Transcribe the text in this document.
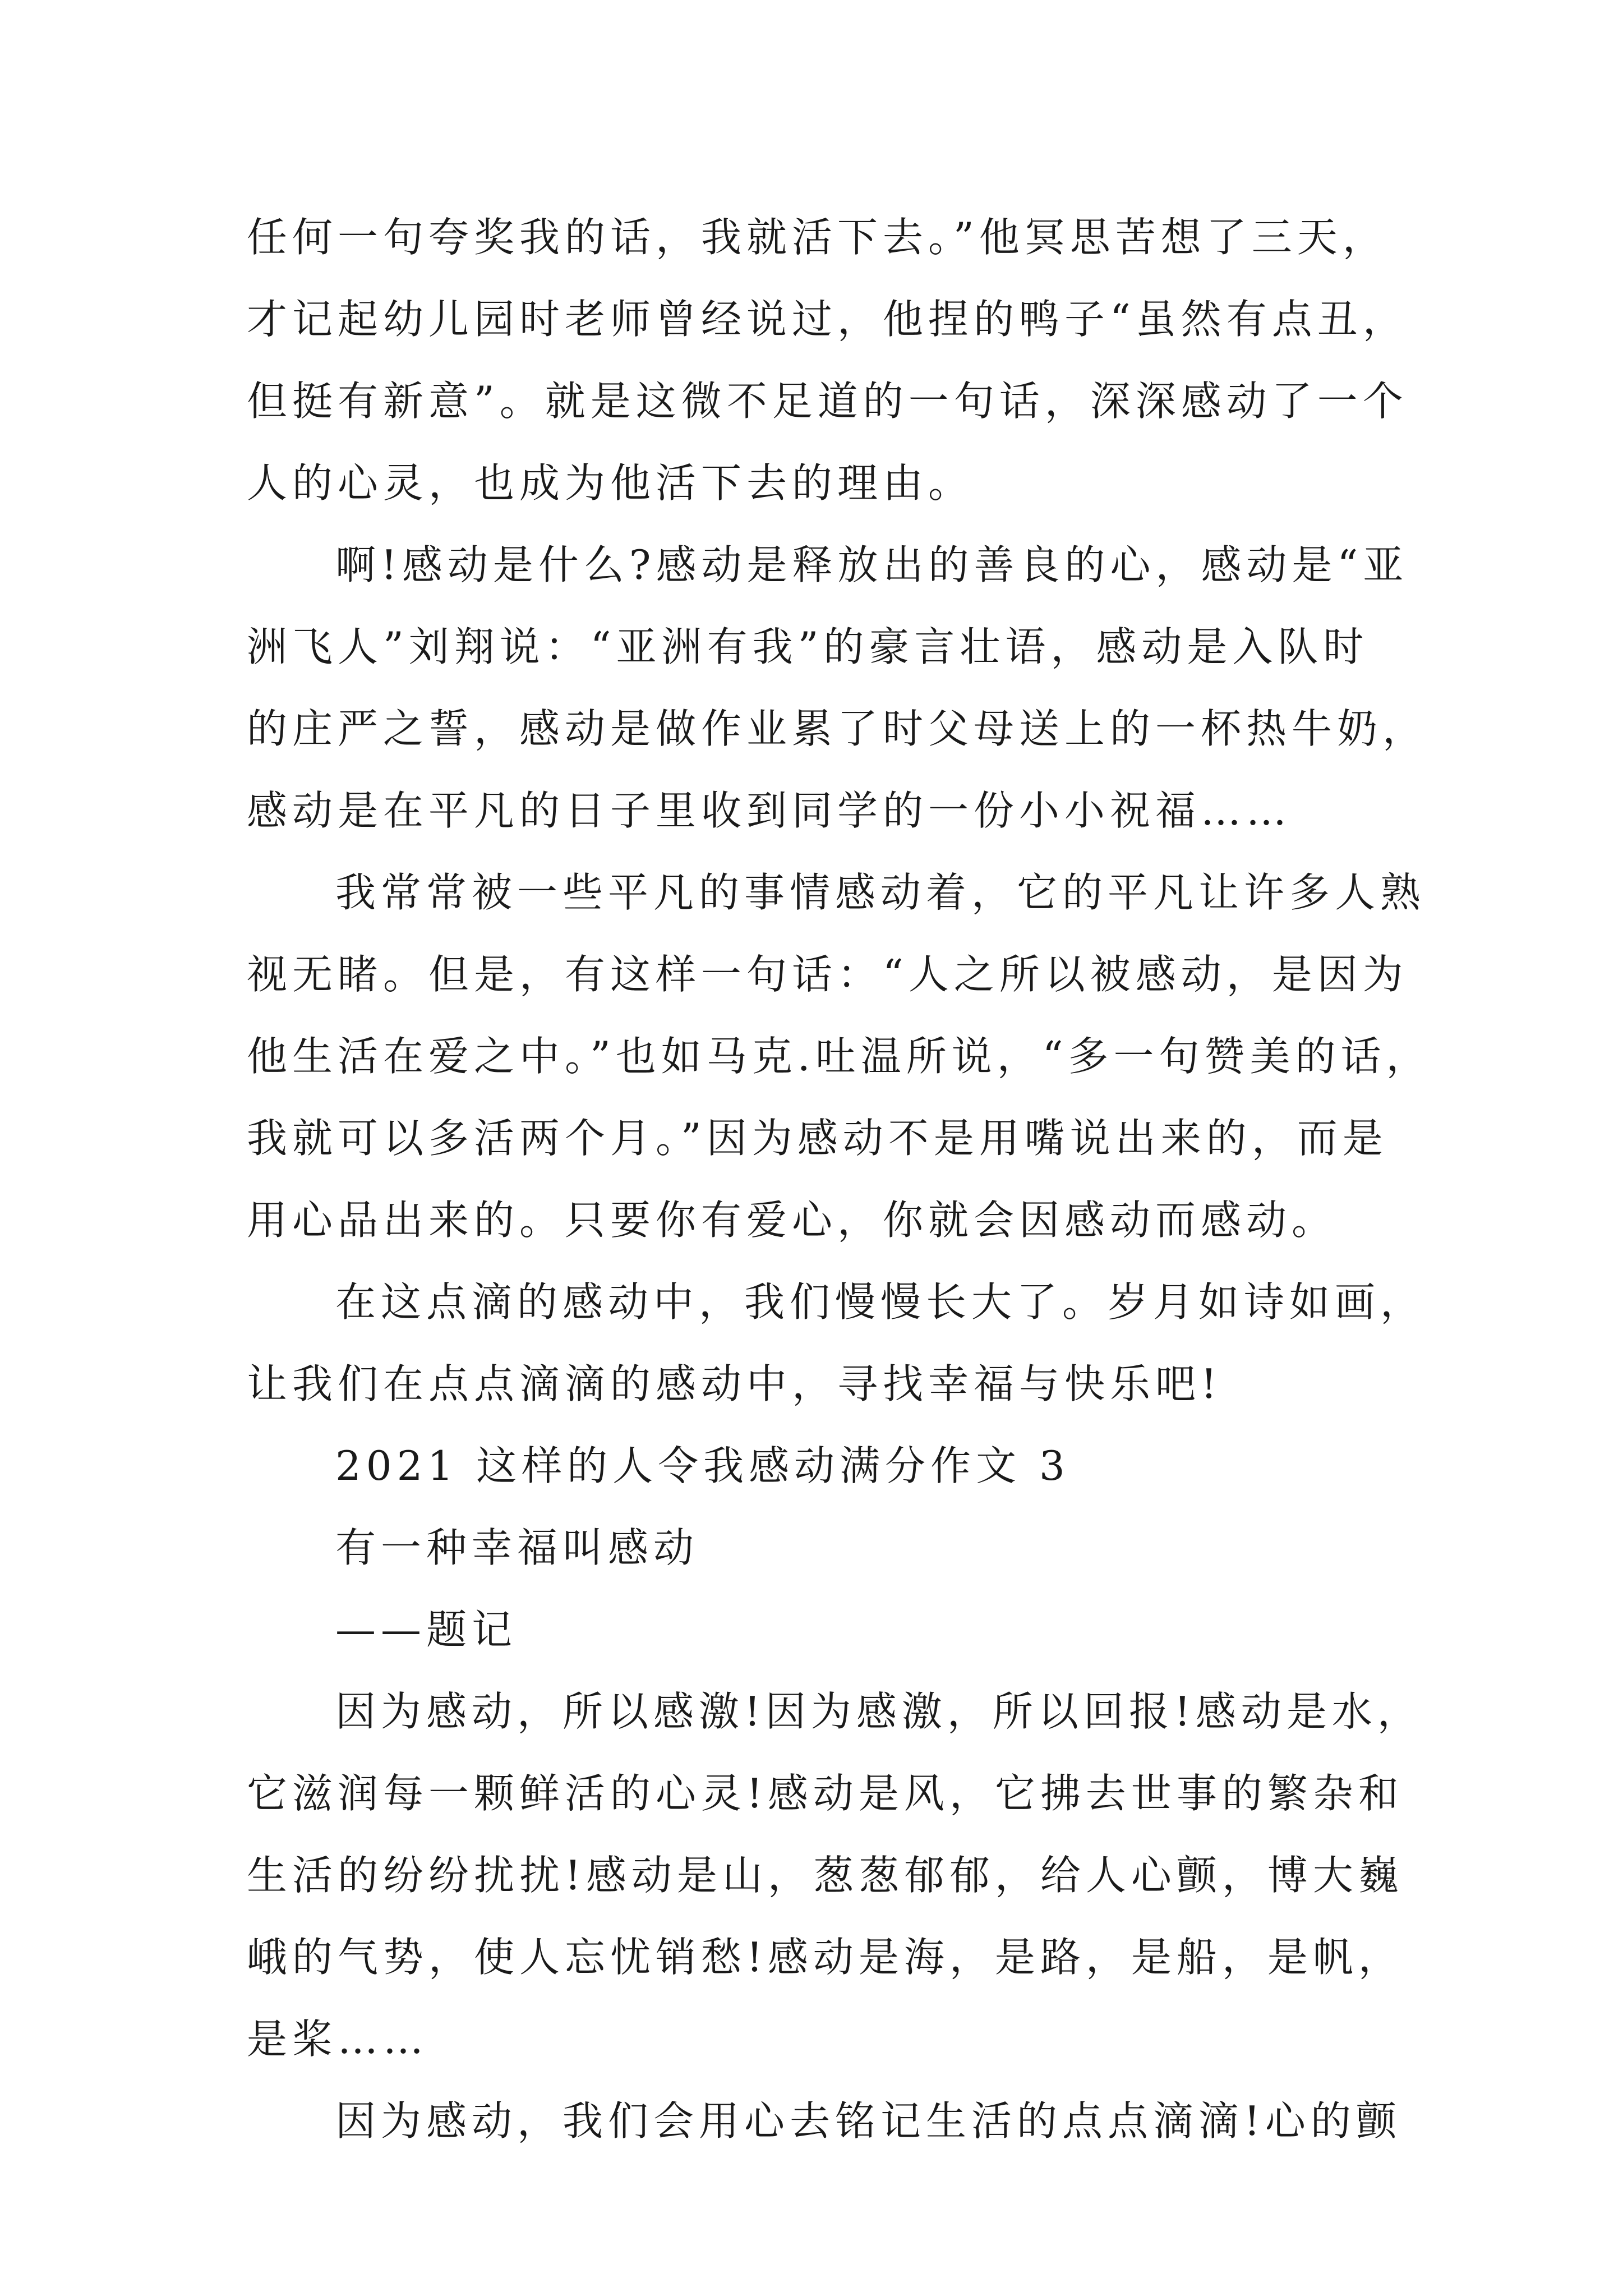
任何一句夸奖我的话，我就活下去。”他冥思苦想了三天，
才记起幼儿园时老师曾经说过，他捏的鸭子“虽然有点丑，
但挺有新意”。就是这微不足道的一句话，深深感动了一个
人的心灵，也成为他活下去的理由。
啊!感动是什么?感动是释放出的善良的心，感动是“亚
洲飞人”刘翔说：“亚洲有我”的豪言壮语，感动是入队时
的庄严之誓，感动是做作业累了时父母送上的一杯热牛奶，
感动是在平凡的日子里收到同学的一份小小祝福……
我常常被一些平凡的事情感动着，它的平凡让许多人熟
视无睹。但是，有这样一句话：“人之所以被感动，是因为
他生活在爱之中。”也如马克.吐温所说，“多一句赞美的话，
我就可以多活两个月。”因为感动不是用嘴说出来的，而是
用心品出来的。只要你有爱心，你就会因感动而感动。
在这点滴的感动中，我们慢慢长大了。岁月如诗如画，
让我们在点点滴滴的感动中，寻找幸福与快乐吧!
2021 这样的人令我感动满分作文 3
有一种幸福叫感动
——题记
因为感动，所以感激!因为感激，所以回报!感动是水，
它滋润每一颗鲜活的心灵!感动是风，它拂去世事的繁杂和
生活的纷纷扰扰!感动是山，葱葱郁郁，给人心颤，博大巍
峨的气势，使人忘忧销愁!感动是海，是路，是船，是帆，
是桨……
因为感动，我们会用心去铭记生活的点点滴滴!心的颤
